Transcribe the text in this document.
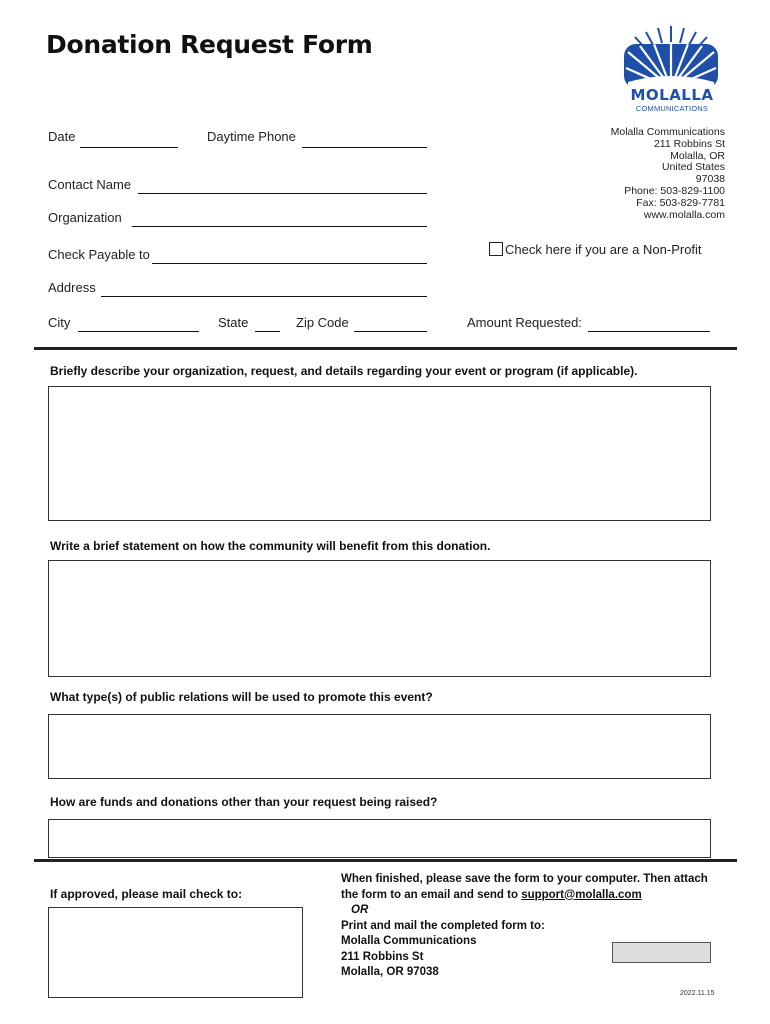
Donation Request Form
MOLALLA
COMMUNICATIONS
Molalla Communications
211 Robbins St
Molalla, OR
United States
97038
Phone: 503-829-1100
Fax: 503-829-7781
www.molalla.com
Date	Daytime Phone
Contact Name
Organization
Check Payable to	Check here if you are a Non-Profit
Address
City	State	Zip Code	Amount Requested:
Briefly describe your organization, request, and details regarding your event or program (if applicable).
Write a brief statement on how the community will benefit from this donation.
What type(s) of public relations will be used to promote this event?
How are funds and donations other than your request being raised?
If approved, please mail check to:
When finished, please save the form to your computer. Then attach
the form to an email and send to support@molalla.com
OR
Print and mail the completed form to:
Molalla Communications
211 Robbins St
Molalla, OR 97038
2022.11.15
